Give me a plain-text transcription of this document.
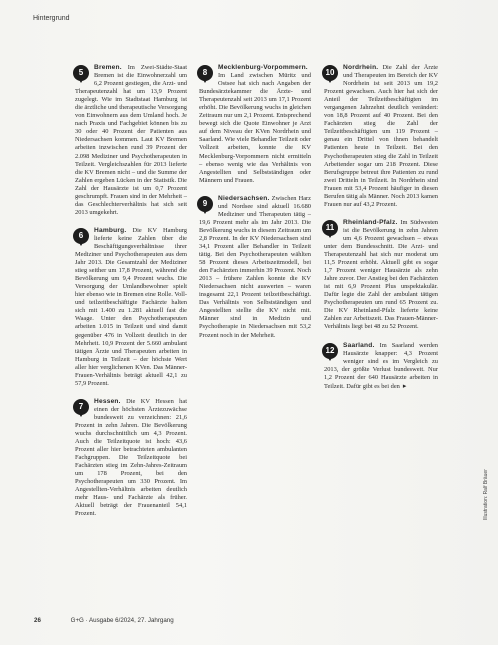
Hintergrund
5

Bremen. Im Zwei-Städte-Staat Bremen ist die Einwohnerzahl um 6,2 Prozent gestiegen, die Arzt- und Therapeutenzahl hat um 13,9 Prozent zugelegt. Wie im Stadtstaat Hamburg ist die ärztliche und therapeutische Versorgung von Einwohnern aus dem Umland hoch. Je nach Praxis und Fachgebiet können bis zu 30 oder 40 Prozent der Patienten aus Niedersachsen kommen. Laut KV Bremen arbeiten inzwischen rund 39 Prozent der 2.098 Mediziner und Psychotherapeuten in Teilzeit. Vergleichszahlen für 2013 lieferte die KV Bremen nicht – und die Summe der Zahlen ergeben Lücken in der Statistik. Die Zahl der Hausärzte ist um 0,7 Prozent geschrumpft. Frauen sind in der Mehrheit – das Geschlechterverhältnis hat sich seit 2013 umgekehrt.

6

Hamburg. Die KV Hamburg lieferte keine Zahlen über die Beschäftigungsverhältnisse ihrer Mediziner und Psychotherapeuten aus dem Jahr 2013. Die Gesamtzahl der Mediziner stieg seither um 17,8 Prozent, während die Bevölkerung um 9,4 Prozent wuchs. Die Versorgung der Umlandbewohner spielt hier ebenso wie in Bremen eine Rolle. Voll- und teilzeitbeschäftigte Fachärzte halten sich mit 1.400 zu 1.281 aktuell fast die Waage. Unter den Psychotherapeuten arbeiten 1.015 in Teilzeit und sind damit gegenüber 476 in Vollzeit deutlich in der Mehrheit. 10,9 Prozent der 5.660 ambulant tätigen Ärzte und Therapeuten arbeiten in Hamburg in Teilzeit – der höchste Wert aller hier verglichenen KVen. Das Männer-Frauen-Verhältnis beträgt aktuell 42,1 zu 57,9 Prozent.

7

Hessen. Die KV Hessen hat einen der höchsten Ärztezuwächse bundesweit zu verzeichnen: 21,6 Prozent in zehn Jahren. Die Bevölkerung wuchs durchschnittlich um 4,3 Prozent. Auch die Teilzeitquote ist hoch: 43,6 Prozent aller hier betrachteten ambulanten Fachgruppen. Die Teilzeitquote bei Fachärzten stieg im Zehn-Jahres-Zeitraum um 178 Prozent, bei den Psychotherapeuten um 330 Prozent. Im Angestellten-Verhältnis arbeiten deutlich mehr Haus- und Fachärzte als früher. Aktuell beträgt der Frauenanteil 54,1 Prozent.

8

Mecklenburg-Vorpommern. Im Land zwischen Müritz und Ostsee hat sich nach Angaben der Bundesärztekammer die Ärzte- und Therapeutenzahl seit 2013 um 17,1 Prozent erhöht. Die Bevölkerung wuchs in gleichen Zeitraum nur um 2,1 Prozent. Entsprechend bewegt sich die Quote Einwohner je Arzt auf dem Niveau der KVen Nordrhein und Saarland. Wie viele Behandler Teilzeit oder Vollzeit arbeiten, konnte die KV Mecklenburg-Vorpommern nicht ermitteln – ebenso wenig wie das Verhältnis von Angestellten und Selbstständigen oder Männern und Frauen.

9

Niedersachsen. Zwischen Harz und Nordsee sind aktuell 16.680 Mediziner und Therapeuten tätig – 19,6 Prozent mehr als im Jahr 2013. Die Bevölkerung wuchs in diesem Zeitraum um 2,8 Prozent. In der KV Niedersachsen sind 34,1 Prozent aller Behandler in Teilzeit tätig. Bei den Psychotherapeuten wählten 58 Prozent dieses Arbeitszeitmodell, bei den Fachärzten immerhin 39 Prozent. Noch 2013 – frühere Zahlen konnte die KV Niedersachsen nicht auswerten – waren insgesamt 22,1 Prozent teilzeitbeschäftigt. Das Verhältnis von Selbstständigen und Angestellten stellte die KV nicht mit. Männer sind in Medizin und Psychotherapie in Niedersachsen mit 53,2 Prozent noch in der Mehrheit.

10

Nordrhein. Die Zahl der Ärzte und Therapeuten im Bereich der KV Nordrhein ist seit 2013 um 19,2 Prozent gewachsen. Auch hier hat sich der Anteil der Teilzeitbeschäftigten im vergangenen Jahrzehnt deutlich verändert: von 18,8 Prozent auf 40 Prozent. Bei den Fachärzten stieg die Zahl der Teilzeitbeschäftigten um 119 Prozent – genau ein Drittel von ihnen behandelt Patienten heute in Teilzeit. Bei den Psychotherapeuten stieg die Zahl in Teilzeit Arbeitender sogar um 218 Prozent. Diese Berufsgruppe betreut ihre Patienten zu rund zwei Dritteln in Teilzeit. In Nordrhein sind Frauen mit 53,4 Prozent häufiger in diesen Berufen tätig als Männer. Noch 2013 kamen Frauen nur auf 43,2 Prozent.

11

Rheinland-Pfalz. Im Südwesten ist die Bevölkerung in zehn Jahren um 4,6 Prozent gewachsen – etwas unter dem Bundesschnitt. Die Arzt- und Therapeutenzahl hat sich nur moderat um 11,5 Prozent erhöht. Aktuell gibt es sogar 1,7 Prozent weniger Hausärzte als zehn Jahre zuvor. Der Anstieg bei den Fachärzten ist mit 6,9 Prozent Plus unspektakulär. Dafür legte die Zahl der ambulant tätigen Psychotherapeuten um rund 65 Prozent zu. Die KV Rheinland-Pfalz lieferte keine Zahlen zur Arbeitszeit. Das Frauen-Männer-Verhältnis liegt bei 48 zu 52 Prozent.

12

Saarland. Im Saarland werden Hausärzte knapper: 4,3 Prozent weniger sind es im Vergleich zu 2013, der größte Verlust bundesweit. Nur 1,2 Prozent der 640 Hausärzte arbeiten in Teilzeit. Dafür gibt es bei den ▸

Illustration: Ralf Bräuer
26	G+G · Ausgabe 6/2024, 27. Jahrgang
